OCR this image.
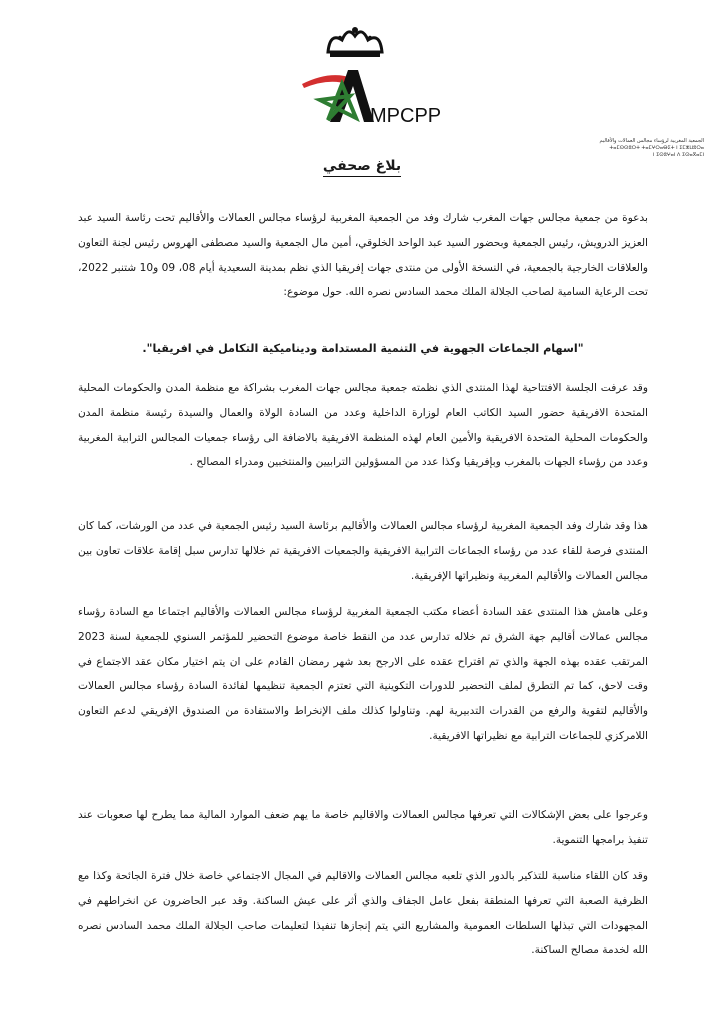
MPCPP
الجمعية المغربية لرؤساء مجالس العمالات والأقاليم
ⵜⴰⵎⵙⵙⵓⵔⵜ ⵜⴰⵎⵖⵔⴰⴱⵉⵜ ⵏ ⵉⵎⵣⵡⵓⵔⴰ
ⵏ ⵉⵙⵓⵖⴰⵏ ⴷ ⵉⵙⴰⴳⴰⵎⵏ
بلاغ صحفي
بدعوة من جمعية مجالس جهات المغرب شارك وفد من الجمعية المغربية لرؤساء مجالس العمالات والأقاليم تحت رئاسة السيد عبد العزيز الدرويش، رئيس الجمعية وبحضور السيد عبد الواحد الخلوقي، أمين مال الجمعية والسيد مصطفى الهروس رئيس لجنة التعاون والعلاقات الخارجية بالجمعية، في النسخة الأولى من منتدى جهات إفريقيا الذي نظم بمدينة السعيدية أيام 08، 09 و10 شتنبر 2022، تحت الرعاية السامية لصاحب الجلالة الملك محمد السادس نصره الله. حول موضوع:
"اسهام الجماعات الجهوية في التنمية المستدامة وديناميكية التكامل في افريقيا".
وقد عرفت الجلسة الافتتاحية لهذا المنتدى الذي نظمته جمعية مجالس جهات المغرب بشراكة مع منظمة المدن والحكومات المحلية المتحدة الافريقية حضور السيد الكاتب العام لوزارة الداخلية وعدد من السادة الولاة والعمال والسيدة رئيسة منظمة المدن والحكومات المحلية المتحدة الافريقية والأمين العام لهذه المنظمة الافريقية بالاضافة الى رؤساء جمعيات المجالس الترابية المغربية وعدد من رؤساء الجهات بالمغرب وبإفريقيا وكذا عدد من المسؤولين الترابيين والمنتخبين ومدراء المصالح .
هذا وقد شارك وفد الجمعية المغربية لرؤساء مجالس العمالات والأقاليم برئاسة السيد رئيس الجمعية في عدد من الورشات، كما كان المنتدى فرصة للقاء عدد من رؤساء الجماعات الترابية الافريقية والجمعيات الافريقية تم خلالها تدارس سبل إقامة علاقات تعاون بين مجالس العمالات والأقاليم المغربية ونظيراتها الإفريقية.
وعلى هامش هذا المنتدى عقد السادة أعضاء مكتب الجمعية المغربية لرؤساء مجالس العمالات والأقاليم اجتماعا مع السادة رؤساء مجالس عمالات أقاليم جهة الشرق تم خلاله تدارس عدد من النقط خاصة موضوع التحضير للمؤتمر السنوي للجمعية لسنة 2023 المرتقب عقده بهذه الجهة والذي تم اقتراح عقده على الارجح بعد شهر رمضان القادم على ان يتم اختيار مكان عقد الاجتماع في وقت لاحق، كما تم التطرق لملف التحضير للدورات التكوينية التي تعتزم الجمعية تنظيمها لفائدة السادة رؤساء مجالس العمالات والأقاليم لتقوية والرفع من القدرات التدبيرية لهم. وتناولوا كذلك ملف الإنخراط والاستفادة من الصندوق الإفريقي لدعم التعاون اللامركزي للجماعات الترابية مع نظيراتها الافريقية.
وعرجوا على بعض الإشكالات التي تعرفها مجالس العمالات والاقاليم خاصة ما يهم ضعف الموارد المالية مما يطرح لها صعوبات عند تنفيذ برامجها التنموية.
وقد كان اللقاء مناسبة للتذكير بالدور الذي تلعبه مجالس العمالات والاقاليم في المجال الاجتماعي خاصة خلال فترة الجائحة وكذا مع الظرفية الصعبة التي تعرفها المنطقة بفعل عامل الجفاف والذي أثر على عيش الساكنة. وقد عبر الحاضرون عن انخراطهم في المجهودات التي تبذلها السلطات العمومية والمشاريع التي يتم إنجازها تنفيذا لتعليمات صاحب الجلالة الملك محمد السادس نصره الله لخدمة مصالح الساكنة.
